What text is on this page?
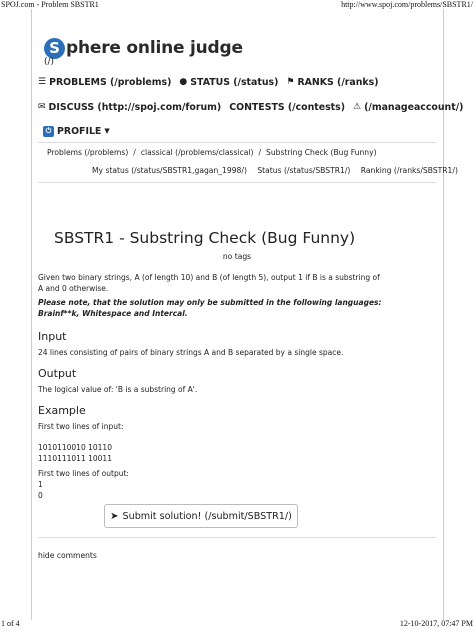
SPOJ.com - Problem SBSTR1	http://www.spoj.com/problems/SBSTR1/
S phere online judge
(/)
☰ PROBLEMS (/problems) ● STATUS (/status) ⚑ RANKS (/ranks)
✉ DISCUSS (http://spoj.com/forum) CONTESTS (/contests) ⚠ (/manageaccount/)
⏻ PROFILE ▼
Problems (/problems) / classical (/problems/classical) / Substring Check (Bug Funny)
My status (/status/SBSTR1,gagan_1998/) Status (/status/SBSTR1/) Ranking (/ranks/SBSTR1/)
SBSTR1 - Substring Check (Bug Funny)
no tags
Given two binary strings, A (of length 10) and B (of length 5), output 1 if B is a substring of
A and 0 otherwise.
Please note, that the solution may only be submitted in the following languages:
Brainf**k, Whitespace and Intercal.
Input
24 lines consisting of pairs of binary strings A and B separated by a single space.
Output
The logical value of: 'B is a substring of A'.
Example
First two lines of input:
1010110010 10110
1110111011 10011
First two lines of output:
1
0
➤ Submit solution! (/submit/SBSTR1/)
hide comments
1 of 4	12-10-2017, 07:47 PM
